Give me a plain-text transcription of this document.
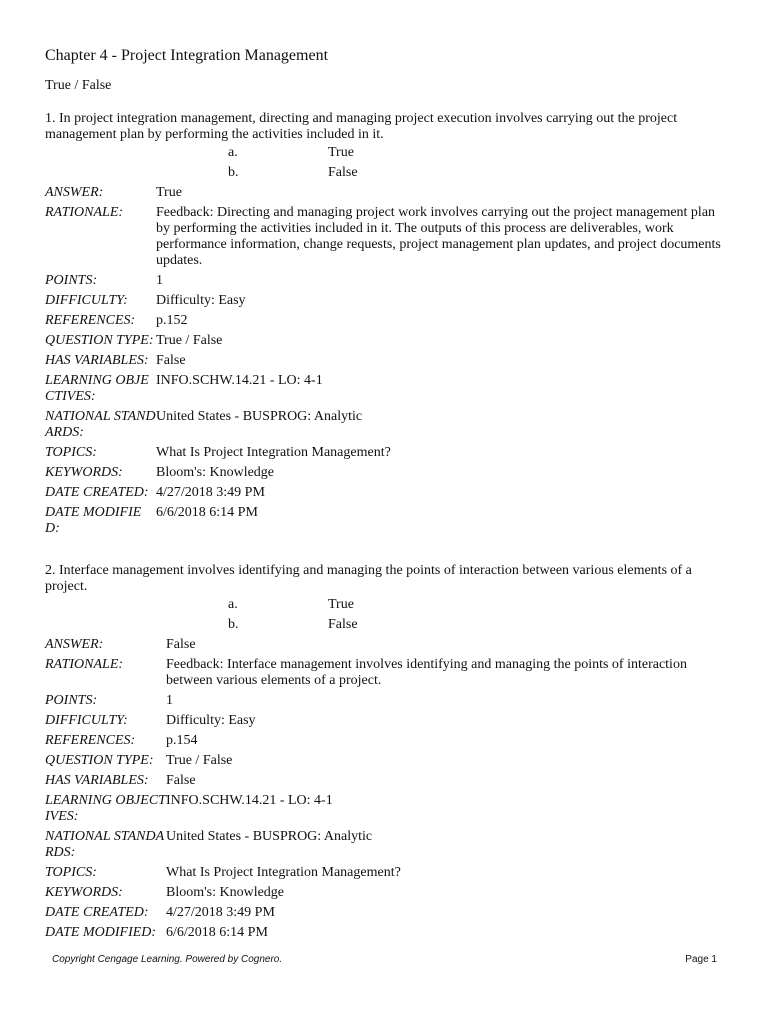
Chapter 4 - Project Integration Management
True / False
1. In project integration management, directing and managing project execution involves carrying out the project management plan by performing the activities included in it.
a.	True
b.	False
ANSWER:	True
RATIONALE:	Feedback: Directing and managing project work involves carrying out the project management plan by performing the activities included in it. The outputs of this process are deliverables, work performance information, change requests, project management plan updates, and project documents updates.
POINTS:	1
DIFFICULTY:	Difficulty: Easy
REFERENCES:	p.152
QUESTION TYPE: True / False
HAS VARIABLES: False
LEARNING OBJECTIVES:
INFO.SCHW.14.21 - LO: 4-1
NATIONAL STANDARDS:
United States - BUSPROG: Analytic
TOPICS:	What Is Project Integration Management?
KEYWORDS:	Bloom's: Knowledge
DATE CREATED: 4/27/2018 3:49 PM
DATE MODIFIED:
6/6/2018 6:14 PM
2. Interface management involves identifying and managing the points of interaction between various elements of a project.
a.	True
b.	False
ANSWER:	False
RATIONALE:	Feedback: Interface management involves identifying and managing the points of interaction between various elements of a project.
POINTS:	1
DIFFICULTY:	Difficulty: Easy
REFERENCES:	p.154
QUESTION TYPE: True / False
HAS VARIABLES:	False
LEARNING OBJECTIVES:
INFO.SCHW.14.21 - LO: 4-1
NATIONAL STANDARDS:
United States - BUSPROG: Analytic
TOPICS:	What Is Project Integration Management?
KEYWORDS:	Bloom's: Knowledge
DATE CREATED:	4/27/2018 3:49 PM
DATE MODIFIED: 6/6/2018 6:14 PM
Copyright Cengage Learning. Powered by Cognero.	Page 1
